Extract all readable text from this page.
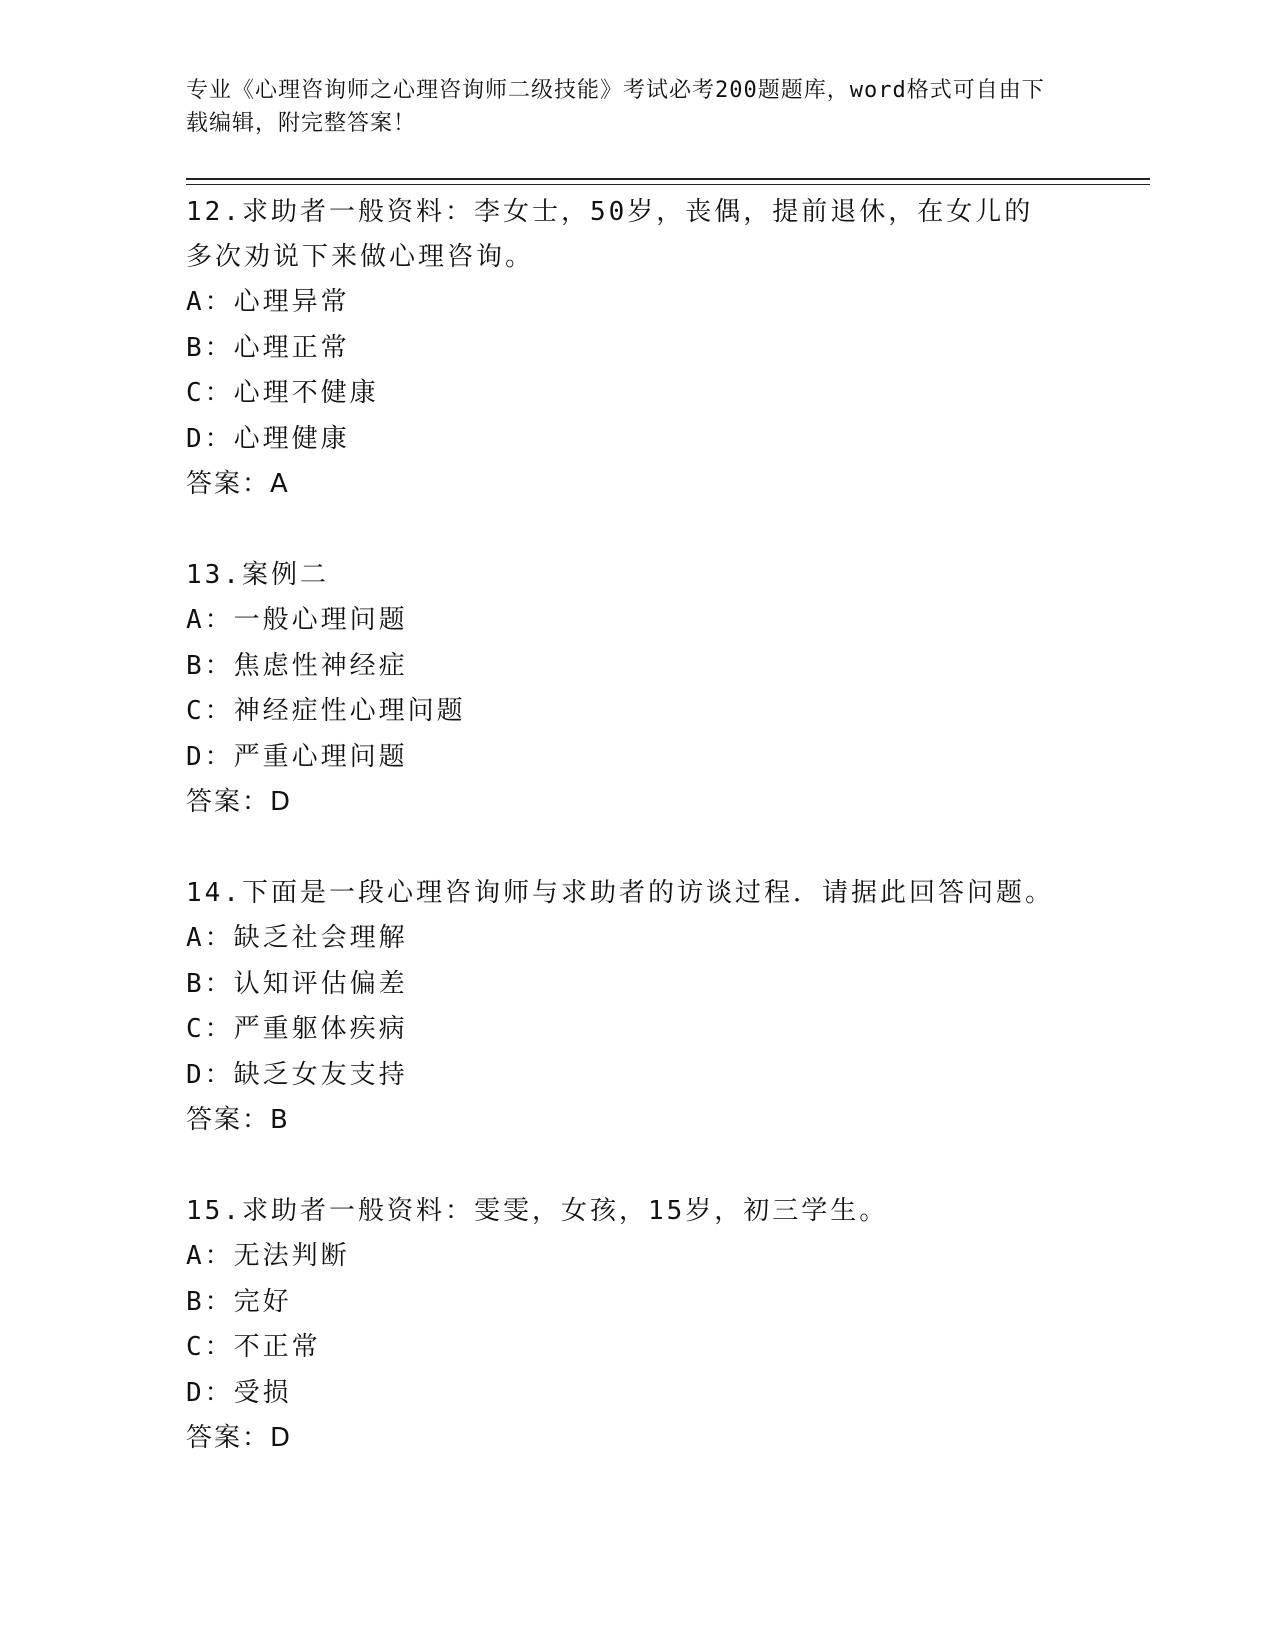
专业《心理咨询师之心理咨询师二级技能》考试必考200题题库，word格式可自由下载编辑，附完整答案！

12.求助者一般资料：李女士，50岁，丧偶，提前退休，在女儿的多次劝说下来做心理咨询。

A：心理异常

B：心理正常

C：心理不健康

D：心理健康

答案：A

13.案例二

A：一般心理问题

B：焦虑性神经症

C：神经症性心理问题

D：严重心理问题

答案：D

14.下面是一段心理咨询师与求助者的访谈过程．请据此回答问题。

A：缺乏社会理解

B：认知评估偏差

C：严重躯体疾病

D：缺乏女友支持

答案：B

15.求助者一般资料：雯雯，女孩，15岁，初三学生。

A：无法判断

B：完好

C：不正常

D：受损

答案：D
